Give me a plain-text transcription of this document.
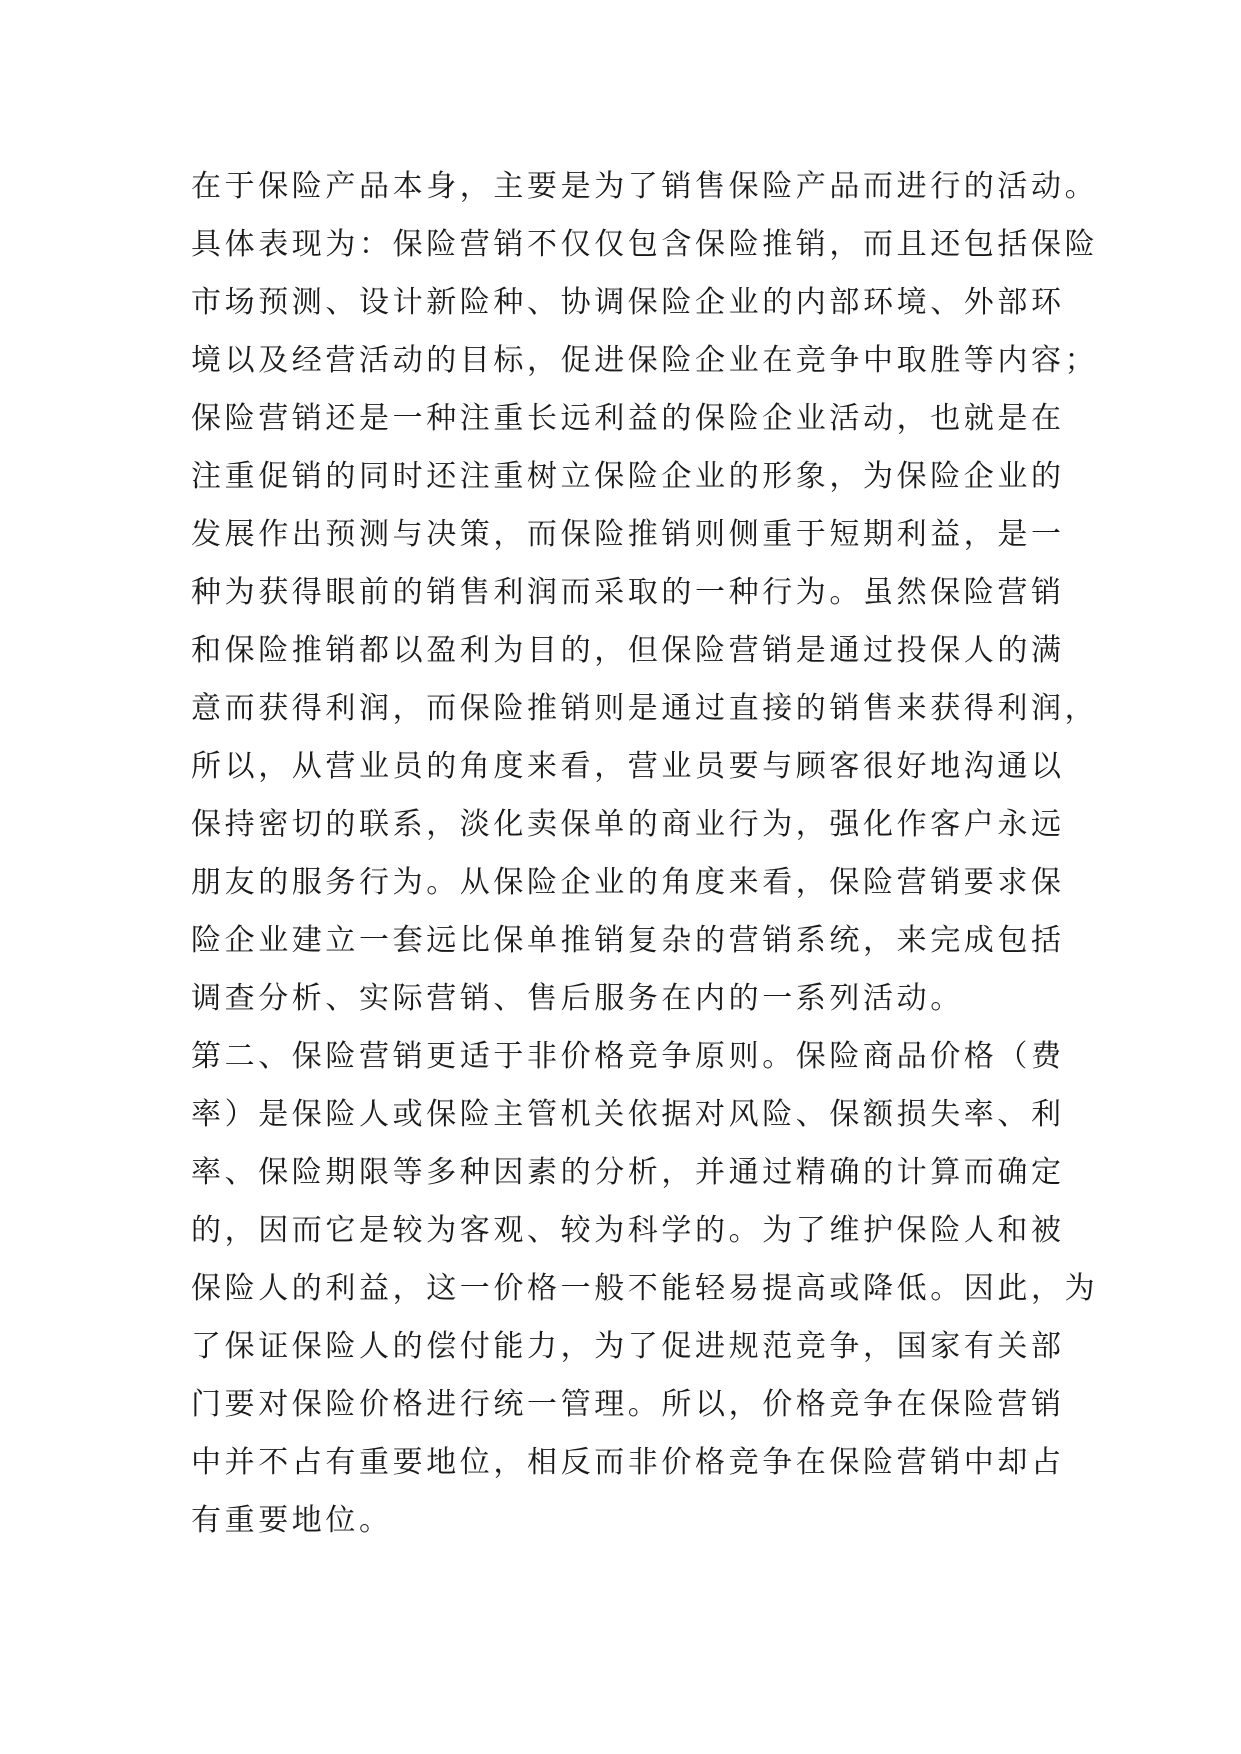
在于保险产品本身，主要是为了销售保险产品而进行的活动。
具体表现为：保险营销不仅仅包含保险推销，而且还包括保险
市场预测、设计新险种、协调保险企业的内部环境、外部环
境以及经营活动的目标，促进保险企业在竞争中取胜等内容；
保险营销还是一种注重长远利益的保险企业活动，也就是在
注重促销的同时还注重树立保险企业的形象，为保险企业的
发展作出预测与决策，而保险推销则侧重于短期利益，是一
种为获得眼前的销售利润而采取的一种行为。虽然保险营销
和保险推销都以盈利为目的，但保险营销是通过投保人的满
意而获得利润，而保险推销则是通过直接的销售来获得利润，
所以，从营业员的角度来看，营业员要与顾客很好地沟通以
保持密切的联系，淡化卖保单的商业行为，强化作客户永远
朋友的服务行为。从保险企业的角度来看，保险营销要求保
险企业建立一套远比保单推销复杂的营销系统，来完成包括
调查分析、实际营销、售后服务在内的一系列活动。
第二、保险营销更适于非价格竞争原则。保险商品价格（费
率）是保险人或保险主管机关依据对风险、保额损失率、利
率、保险期限等多种因素的分析，并通过精确的计算而确定
的，因而它是较为客观、较为科学的。为了维护保险人和被
保险人的利益，这一价格一般不能轻易提高或降低。因此，为
了保证保险人的偿付能力，为了促进规范竞争，国家有关部
门要对保险价格进行统一管理。所以，价格竞争在保险营销
中并不占有重要地位，相反而非价格竞争在保险营销中却占
有重要地位。
